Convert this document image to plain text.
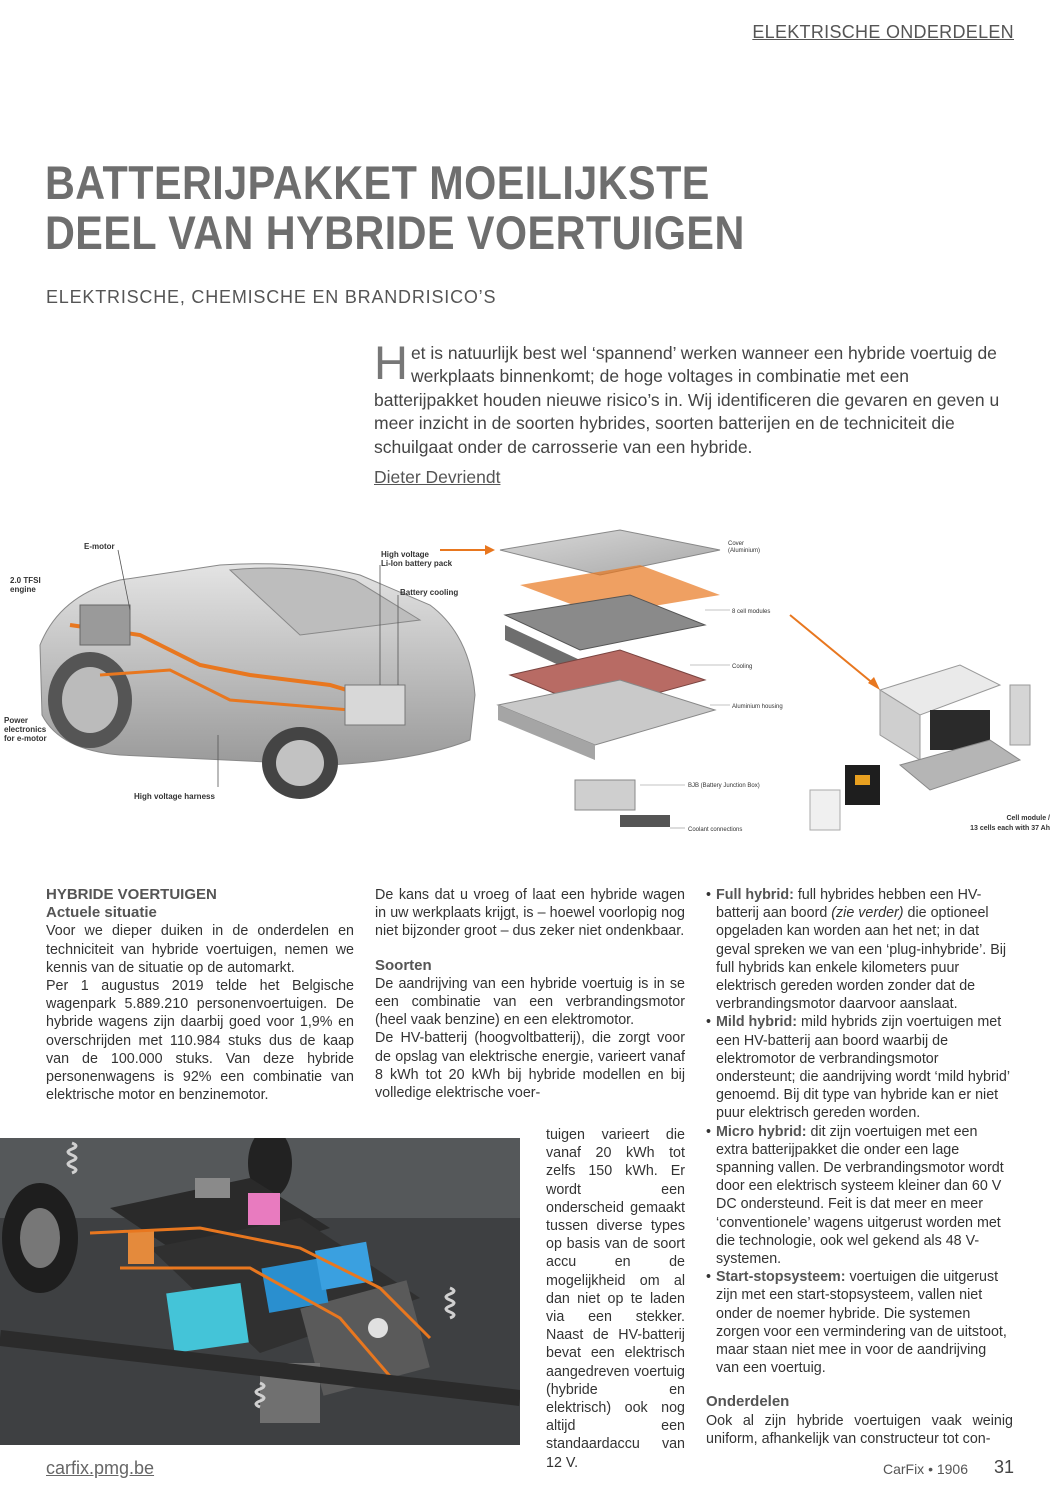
ELEKTRISCHE ONDERDELEN
BATTERIJPAKKET MOEILIJKSTE
DEEL VAN HYBRIDE VOERTUIGEN
ELEKTRISCHE, CHEMISCHE EN BRANDRISICO’S
Het is natuurlijk best wel ‘spannend’ werken wanneer een hybride voertuig de werkplaats binnenkomt; de hoge voltages in combinatie met een batterijpakket houden nieuwe risico’s in. Wij identificeren die gevaren en geven u meer inzicht in de soorten hybrides, soorten batterijen en de techniciteit die schuilgaat onder de carrosserie van een hybride.
Dieter Devriendt
E-motor
2.0 TFSI
engine
High voltage
Li-Ion battery pack
Battery cooling
Power
electronics
for e-motor
High voltage harness
Cover
(Aluminium)
8 cell modules
Cooling
Aluminium housing
BJB (Battery Junction Box)
Coolant connections
Cell module /
13 cells each with 37 Ah

HYBRIDE VOERTUIGEN

Actuele situatie

Voor we dieper duiken in de onderdelen en techniciteit van hybride voertuigen, nemen we kennis van de situatie op de automarkt.

Per 1 augustus 2019 telde het Belgische wagenpark 5.889.210 personenvoertuigen. De hybride wagens zijn daarbij goed voor 1,9% en overschrijden met 110.984 stuks dus de kaap van de 100.000 stuks. Van deze hybride personenwagens is 92% een combinatie van elektrische motor en benzinemotor.

De kans dat u vroeg of laat een hybride wagen in uw werkplaats krijgt, is – hoewel voorlopig nog niet bijzonder groot – dus zeker niet ondenkbaar.

Soorten

De aandrijving van een hybride voertuig is in se een combinatie van een verbrandingsmotor (heel vaak benzine) en een elektromotor.

De HV-batterij (hoogvoltbatterij), die zorgt voor de opslag van elektrische energie, varieert vanaf 8 kWh tot 20 kWh bij hybride modellen en bij volledige elektrische voer-

tuigen varieert die vanaf 20 kWh tot zelfs 150 kWh. Er wordt een onderscheid gemaakt tussen diverse types op basis van de soort accu en de mogelijkheid om al dan niet op te laden via een stekker. Naast de HV-batterij bevat een elektrisch aangedreven voertuig (hybride en elektrisch) ook nog altijd een standaardaccu van 12 V.
• Full hybrid: full hybrides hebben een HV-batterij aan boord (zie verder) die optioneel opgeladen kan worden aan het net; in dat geval spreken we van een ‘plug-inhybride’. Bij full hybrids kan enkele kilometers puur elektrisch gereden worden zonder dat de verbrandingsmotor daarvoor aanslaat.
• Mild hybrid: mild hybrids zijn voertuigen met een HV-batterij aan boord waarbij de elektromotor de verbrandingsmotor ondersteunt; die aandrijving wordt ‘mild hybrid’ genoemd. Bij dit type van hybride kan er niet puur elektrisch gereden worden.
• Micro hybrid: dit zijn voertuigen met een extra batterijpakket die onder een lage spanning vallen. De verbrandingsmotor wordt door een elektrisch systeem kleiner dan 60 V DC ondersteund. Feit is dat meer en meer ‘conventionele’ wagens uitgerust worden met die technologie, ook wel gekend als 48 V-systemen.
• Start-stopsysteem: voertuigen die uitgerust zijn met een start-stopsysteem, vallen niet onder de noemer hybride. Die systemen zorgen voor een vermindering van de uitstoot, maar staan niet mee in voor de aandrijving van een voertuig.

Onderdelen

Ook al zijn hybride voertuigen vaak weinig uniform, afhankelijk van constructeur tot con-

carfix.pmg.be	CarFix • 1906 31
